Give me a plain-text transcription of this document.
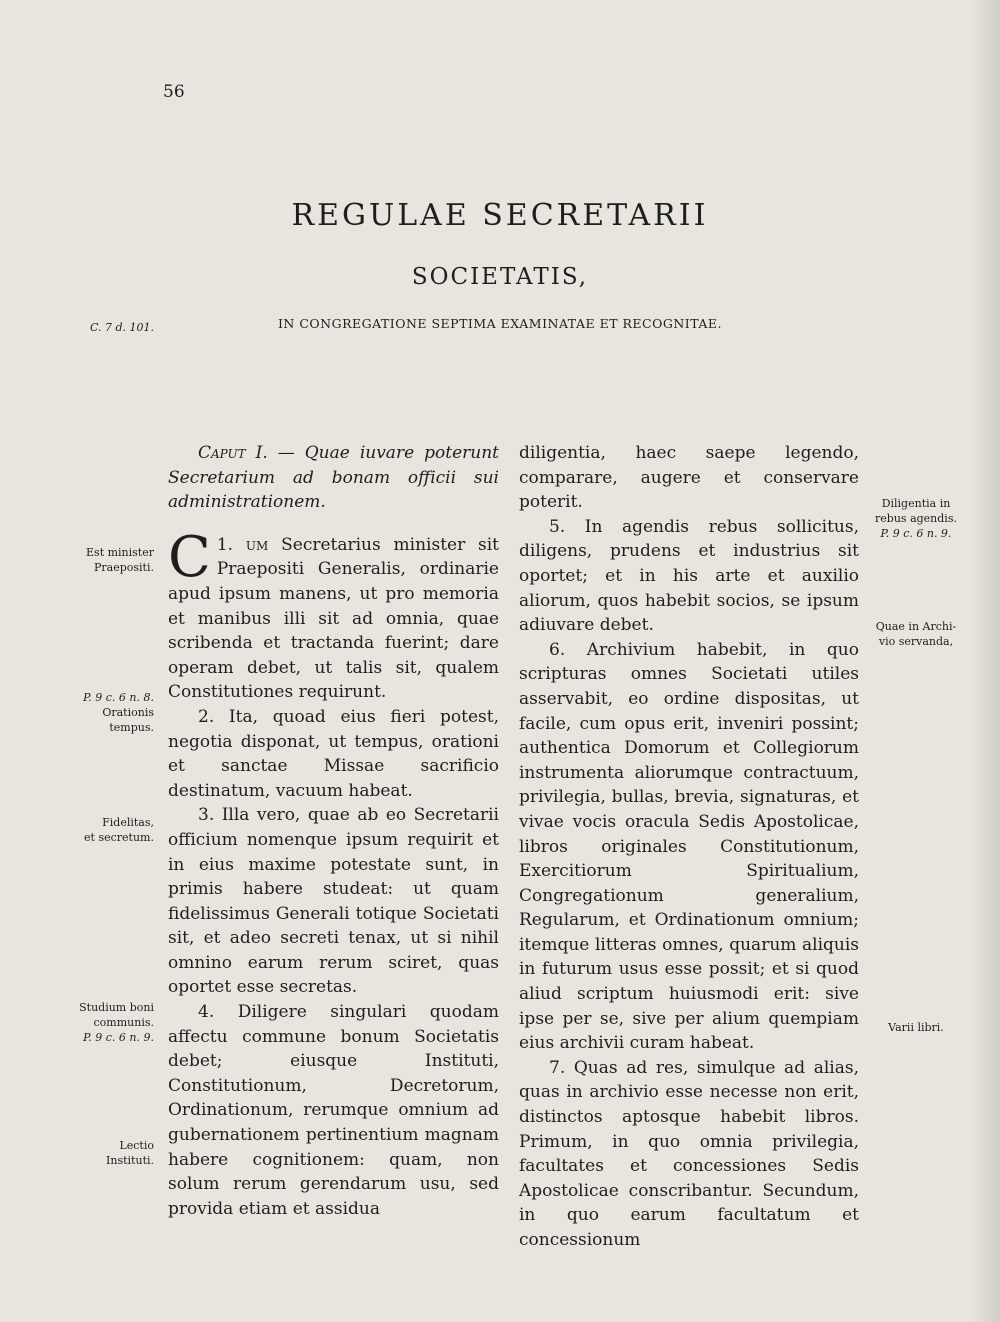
56
REGULAE SECRETARII
SOCIETATIS,
IN CONGREGATIONE SEPTIMA EXAMINATAE ET RECOGNITAE.
C. 7 d. 101.
Est minister
Praepositi.
P. 9 c. 6 n. 8.
Orationis
tempus.
Fidelitas,
et secretum.
Studium boni
communis.
P. 9 c. 6 n. 9.
Lectio
Instituti.
Diligentia in
rebus agendis.
P. 9 c. 6 n. 9.
Quae in Archi-
vio servanda,
Varii libri.

Caput I. — Quae iuvare poterunt Secretarium ad bonam officii sui administrationem.

1.
C um Secretarius minister sit Praepositi Generalis, ordinarie apud ipsum manens, ut pro memoria et manibus illi sit ad omnia, quae scribenda et tractanda fuerint; dare operam debet, ut talis sit, qualem Constitutiones requirunt.

2. Ita, quoad eius fieri potest, negotia disponat, ut tempus, orationi et sanctae Missae sacrificio destinatum, vacuum habeat.

3. Illa vero, quae ab eo Secretarii officium nomenque ipsum requirit et in eius maxime potestate sunt, in primis habere studeat: ut quam fidelissimus Generali totique Societati sit, et adeo secreti tenax, ut si nihil omnino earum rerum sciret, quas oportet esse secretas.

4. Diligere singulari quodam affectu commune bonum Societatis debet; eiusque Instituti, Constitutionum, Decretorum, Ordinationum, rerumque omnium ad gubernationem pertinentium magnam habere cognitionem: quam, non solum rerum gerendarum usu, sed provida etiam et assidua

diligentia, haec saepe legendo, comparare, augere et conservare poterit.

5. In agendis rebus sollicitus, diligens, prudens et industrius sit oportet; et in his arte et auxilio aliorum, quos habebit socios, se ipsum adiuvare debet.

6. Archivium habebit, in quo scripturas omnes Societati utiles asservabit, eo ordine dispositas, ut facile, cum opus erit, inveniri possint; authentica Domorum et Collegiorum instrumenta aliorumque contractuum, privilegia, bullas, brevia, signaturas, et vivae vocis oracula Sedis Apostolicae, libros originales Constitutionum, Exercitiorum Spiritualium, Congregationum generalium, Regularum, et Ordinationum omnium; itemque litteras omnes, quarum aliquis in futurum usus esse possit; et si quod aliud scriptum huiusmodi erit: sive ipse per se, sive per alium quempiam eius archivii curam habeat.

7. Quas ad res, simulque ad alias, quas in archivio esse necesse non erit, distinctos aptosque habebit libros. Primum, in quo omnia privilegia, facultates et concessiones Sedis Apostolicae conscribantur. Secundum, in quo earum facultatum et concessionum
